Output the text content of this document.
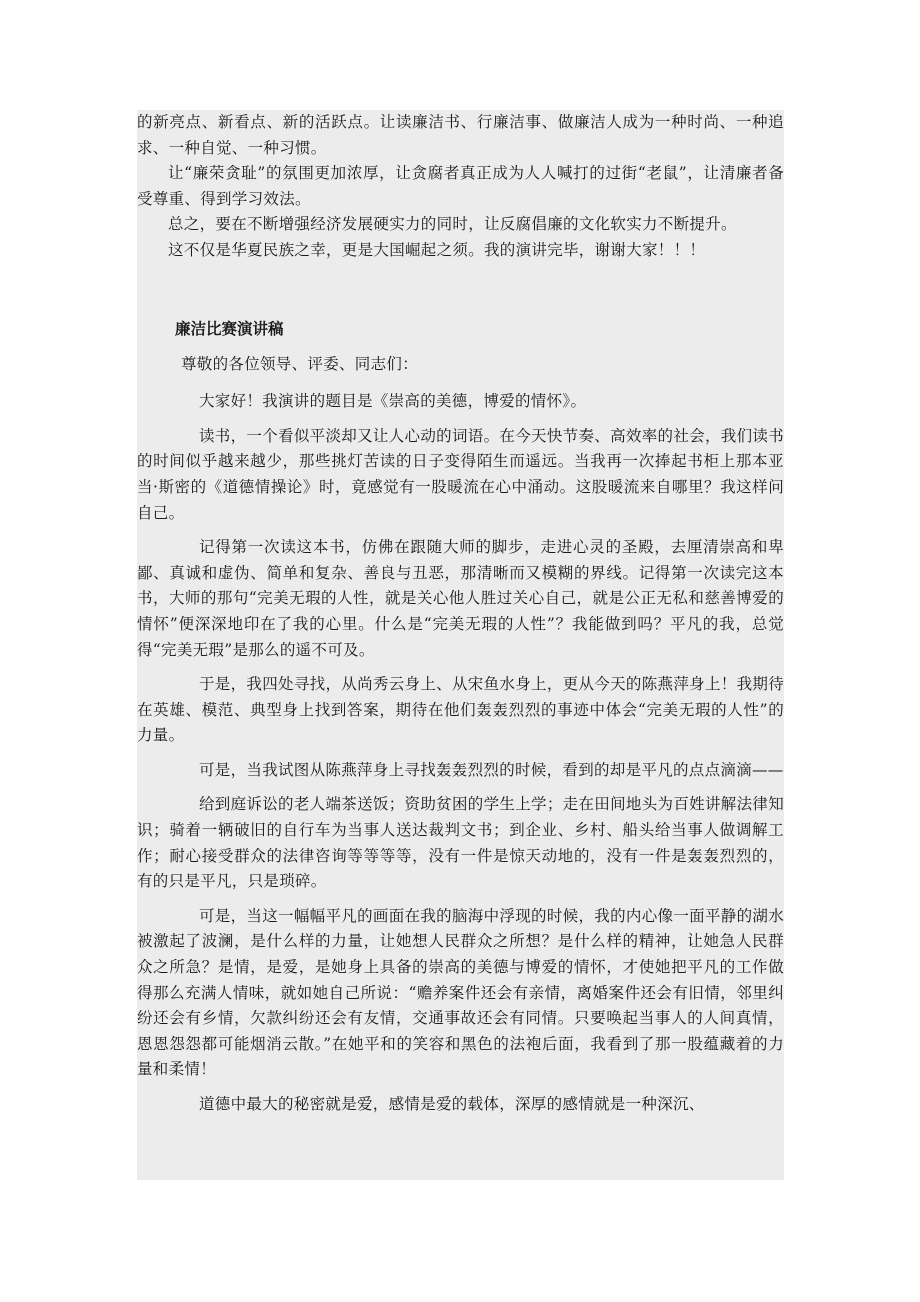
的新亮点、新看点、新的活跃点。让读廉洁书、行廉洁事、做廉洁人成为一种时尚、一种追求、一种自觉、一种习惯。

让“廉荣贪耻”的氛围更加浓厚，让贪腐者真正成为人人喊打的过街“老鼠”，让清廉者备受尊重、得到学习效法。

总之，要在不断增强经济发展硬实力的同时，让反腐倡廉的文化软实力不断提升。

这不仅是华夏民族之幸，更是大国崛起之须。我的演讲完毕，谢谢大家！！！

廉洁比赛演讲稿

尊敬的各位领导、评委、同志们：

大家好！我演讲的题目是《崇高的美德，博爱的情怀》。

读书，一个看似平淡却又让人心动的词语。在今天快节奏、高效率的社会，我们读书的时间似乎越来越少，那些挑灯苦读的日子变得陌生而遥远。当我再一次捧起书柜上那本亚当·斯密的《道德情操论》时，竟感觉有一股暖流在心中涌动。这股暖流来自哪里？我这样问自己。

记得第一次读这本书，仿佛在跟随大师的脚步，走进心灵的圣殿，去厘清崇高和卑鄙、真诚和虚伪、简单和复杂、善良与丑恶，那清晰而又模糊的界线。记得第一次读完这本书，大师的那句“完美无瑕的人性，就是关心他人胜过关心自己，就是公正无私和慈善博爱的情怀”便深深地印在了我的心里。什么是“完美无瑕的人性”？我能做到吗？平凡的我，总觉得“完美无瑕”是那么的遥不可及。

于是，我四处寻找，从尚秀云身上、从宋鱼水身上，更从今天的陈燕萍身上！我期待在英雄、模范、典型身上找到答案，期待在他们轰轰烈烈的事迹中体会“完美无瑕的人性”的力量。

可是，当我试图从陈燕萍身上寻找轰轰烈烈的时候，看到的却是平凡的点点滴滴——

给到庭诉讼的老人端茶送饭；资助贫困的学生上学；走在田间地头为百姓讲解法律知识；骑着一辆破旧的自行车为当事人送达裁判文书；到企业、乡村、船头给当事人做调解工作；耐心接受群众的法律咨询等等等等，没有一件是惊天动地的，没有一件是轰轰烈烈的，有的只是平凡，只是琐碎。

可是，当这一幅幅平凡的画面在我的脑海中浮现的时候，我的内心像一面平静的湖水被激起了波澜，是什么样的力量，让她想人民群众之所想？是什么样的精神，让她急人民群众之所急？是情，是爱，是她身上具备的崇高的美德与博爱的情怀，才使她把平凡的工作做得那么充满人情味，就如她自己所说：“赡养案件还会有亲情，离婚案件还会有旧情，邻里纠纷还会有乡情，欠款纠纷还会有友情，交通事故还会有同情。只要唤起当事人的人间真情，恩恩怨怨都可能烟消云散。”在她平和的笑容和黑色的法袍后面，我看到了那一股蕴藏着的力量和柔情！

道德中最大的秘密就是爱，感情是爱的载体，深厚的感情就是一种深沉、
